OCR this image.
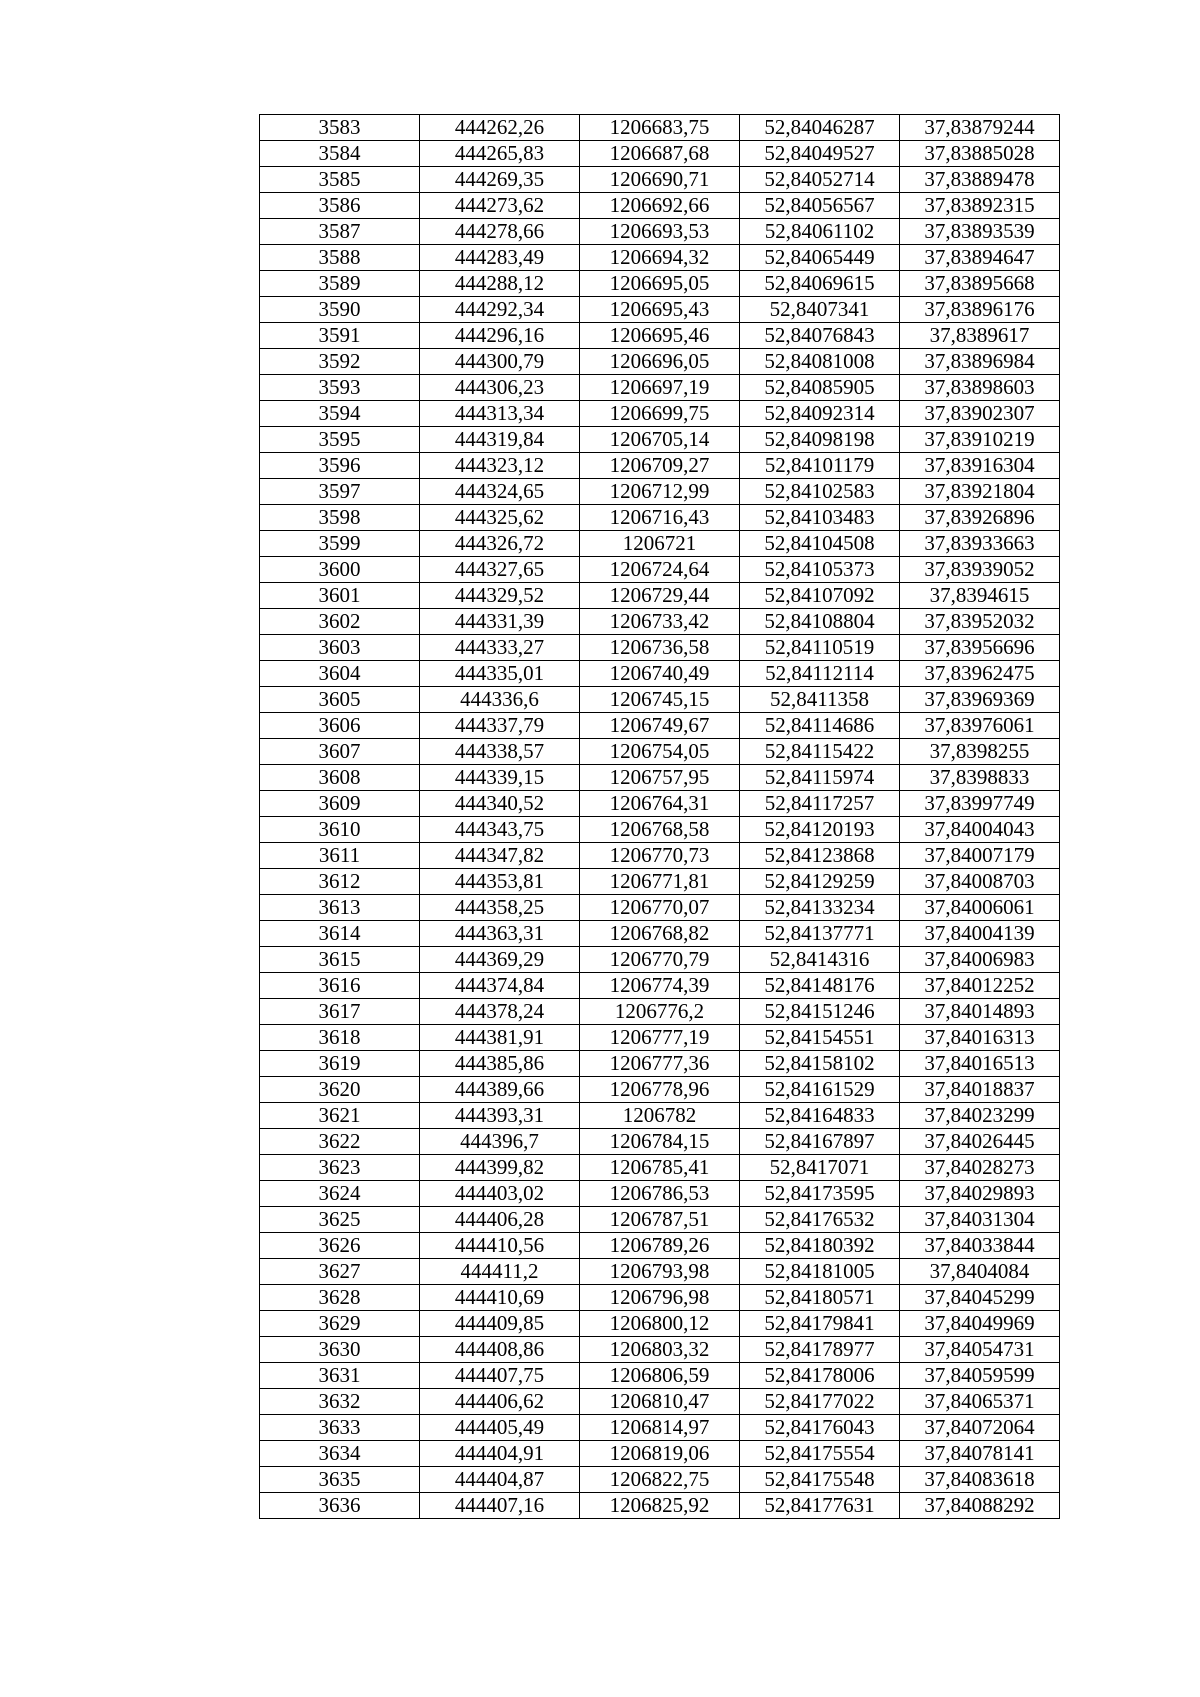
3583	444262,26	1206683,75	52,84046287	37,83879244
3584	444265,83	1206687,68	52,84049527	37,83885028
3585	444269,35	1206690,71	52,84052714	37,83889478
3586	444273,62	1206692,66	52,84056567	37,83892315
3587	444278,66	1206693,53	52,84061102	37,83893539
3588	444283,49	1206694,32	52,84065449	37,83894647
3589	444288,12	1206695,05	52,84069615	37,83895668
3590	444292,34	1206695,43	52,8407341	37,83896176
3591	444296,16	1206695,46	52,84076843	37,8389617
3592	444300,79	1206696,05	52,84081008	37,83896984
3593	444306,23	1206697,19	52,84085905	37,83898603
3594	444313,34	1206699,75	52,84092314	37,83902307
3595	444319,84	1206705,14	52,84098198	37,83910219
3596	444323,12	1206709,27	52,84101179	37,83916304
3597	444324,65	1206712,99	52,84102583	37,83921804
3598	444325,62	1206716,43	52,84103483	37,83926896
3599	444326,72	1206721	52,84104508	37,83933663
3600	444327,65	1206724,64	52,84105373	37,83939052
3601	444329,52	1206729,44	52,84107092	37,8394615
3602	444331,39	1206733,42	52,84108804	37,83952032
3603	444333,27	1206736,58	52,84110519	37,83956696
3604	444335,01	1206740,49	52,84112114	37,83962475
3605	444336,6	1206745,15	52,8411358	37,83969369
3606	444337,79	1206749,67	52,84114686	37,83976061
3607	444338,57	1206754,05	52,84115422	37,8398255
3608	444339,15	1206757,95	52,84115974	37,8398833
3609	444340,52	1206764,31	52,84117257	37,83997749
3610	444343,75	1206768,58	52,84120193	37,84004043
3611	444347,82	1206770,73	52,84123868	37,84007179
3612	444353,81	1206771,81	52,84129259	37,84008703
3613	444358,25	1206770,07	52,84133234	37,84006061
3614	444363,31	1206768,82	52,84137771	37,84004139
3615	444369,29	1206770,79	52,8414316	37,84006983
3616	444374,84	1206774,39	52,84148176	37,84012252
3617	444378,24	1206776,2	52,84151246	37,84014893
3618	444381,91	1206777,19	52,84154551	37,84016313
3619	444385,86	1206777,36	52,84158102	37,84016513
3620	444389,66	1206778,96	52,84161529	37,84018837
3621	444393,31	1206782	52,84164833	37,84023299
3622	444396,7	1206784,15	52,84167897	37,84026445
3623	444399,82	1206785,41	52,8417071	37,84028273
3624	444403,02	1206786,53	52,84173595	37,84029893
3625	444406,28	1206787,51	52,84176532	37,84031304
3626	444410,56	1206789,26	52,84180392	37,84033844
3627	444411,2	1206793,98	52,84181005	37,8404084
3628	444410,69	1206796,98	52,84180571	37,84045299
3629	444409,85	1206800,12	52,84179841	37,84049969
3630	444408,86	1206803,32	52,84178977	37,84054731
3631	444407,75	1206806,59	52,84178006	37,84059599
3632	444406,62	1206810,47	52,84177022	37,84065371
3633	444405,49	1206814,97	52,84176043	37,84072064
3634	444404,91	1206819,06	52,84175554	37,84078141
3635	444404,87	1206822,75	52,84175548	37,84083618
3636	444407,16	1206825,92	52,84177631	37,84088292
